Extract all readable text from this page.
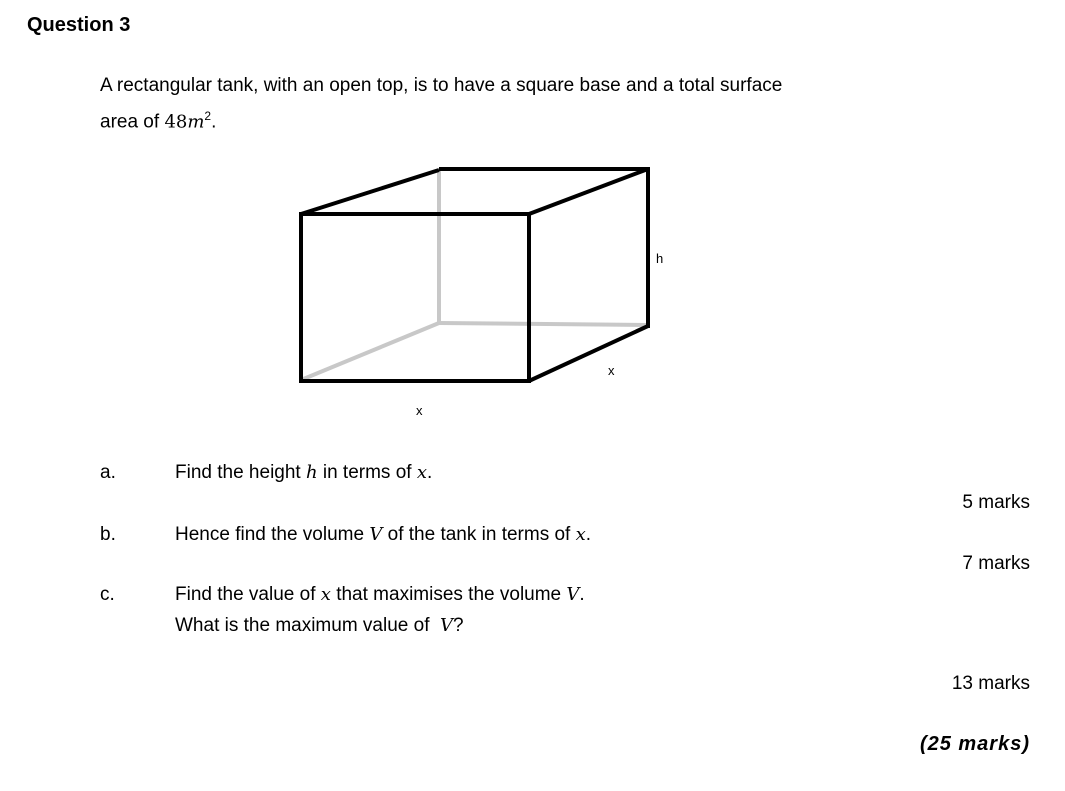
Question 3
A rectangular tank, with an open top, is to have a square base and a total surface
area of $48m^2$.
h
x
x
a.	Find the height h in terms of x.
5 marks
b.	Hence find the volume V of the tank in terms of x.
7 marks
c.	Find the value of x that maximises the volume V.
What is the maximum value of  V?
13 marks
(25 marks)
